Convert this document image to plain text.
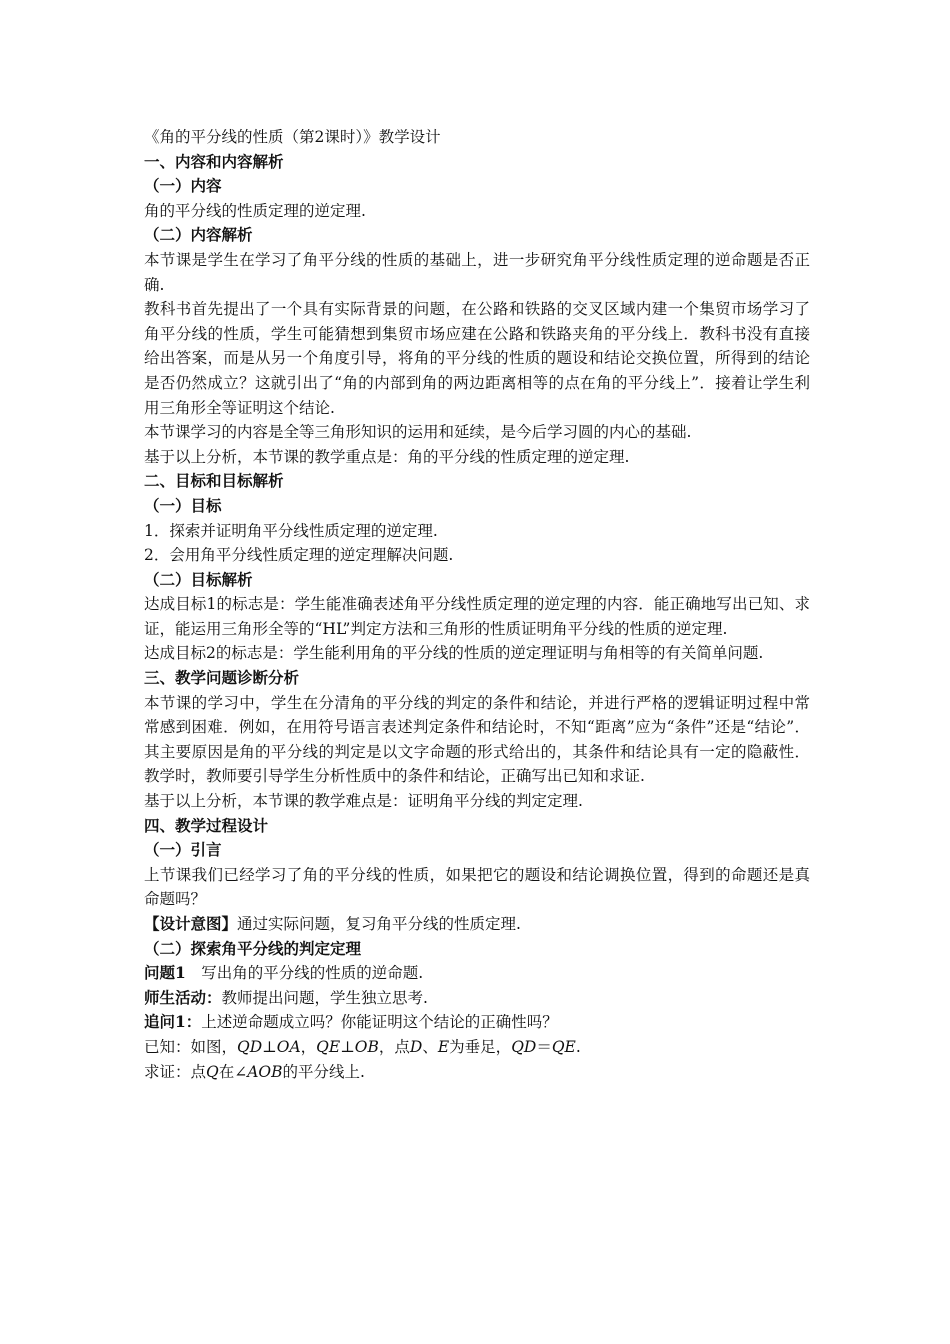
《角的平分线的性质（第2课时）》教学设计

一、内容和内容解析

（一）内容

角的平分线的性质定理的逆定理.

（二）内容解析

本节课是学生在学习了角平分线的性质的基础上，进一步研究角平分线性质定理的逆命题是否正确.

教科书首先提出了一个具有实际背景的问题，在公路和铁路的交叉区域内建一个集贸市场学习了角平分线的性质，学生可能猜想到集贸市场应建在公路和铁路夹角的平分线上．教科书没有直接给出答案，而是从另一个角度引导，将角的平分线的性质的题设和结论交换位置，所得到的结论是否仍然成立？这就引出了“角的内部到角的两边距离相等的点在角的平分线上”．接着让学生利用三角形全等证明这个结论.

本节课学习的内容是全等三角形知识的运用和延续，是今后学习圆的内心的基础.

基于以上分析，本节课的教学重点是：角的平分线的性质定理的逆定理.

二、目标和目标解析

（一）目标

1．探索并证明角平分线性质定理的逆定理.

2．会用角平分线性质定理的逆定理解决问题.

（二）目标解析

达成目标1的标志是：学生能准确表述角平分线性质定理的逆定理的内容．能正确地写出已知、求证，能运用三角形全等的“HL”判定方法和三角形的性质证明角平分线的性质的逆定理.

达成目标2的标志是：学生能利用角的平分线的性质的逆定理证明与角相等的有关简单问题.

三、教学问题诊断分析

本节课的学习中，学生在分清角的平分线的判定的条件和结论，并进行严格的逻辑证明过程中常常感到困难．例如，在用符号语言表述判定条件和结论时，不知“距离”应为“条件”还是“结论”．其主要原因是角的平分线的判定是以文字命题的形式给出的，其条件和结论具有一定的隐蔽性．教学时，教师要引导学生分析性质中的条件和结论，正确写出已知和求证.

基于以上分析，本节课的教学难点是：证明角平分线的判定定理.

四、教学过程设计

（一）引言

上节课我们已经学习了角的平分线的性质，如果把它的题设和结论调换位置，得到的命题还是真命题吗？

【设计意图】通过实际问题，复习角平分线的性质定理.

（二）探索角平分线的判定定理

问题1　写出角的平分线的性质的逆命题.

师生活动：教师提出问题，学生独立思考.

追问1：上述逆命题成立吗？你能证明这个结论的正确性吗？

已知：如图，QD⊥OA，QE⊥OB，点D、E为垂足，QD＝QE.

求证：点Q在∠AOB的平分线上.
